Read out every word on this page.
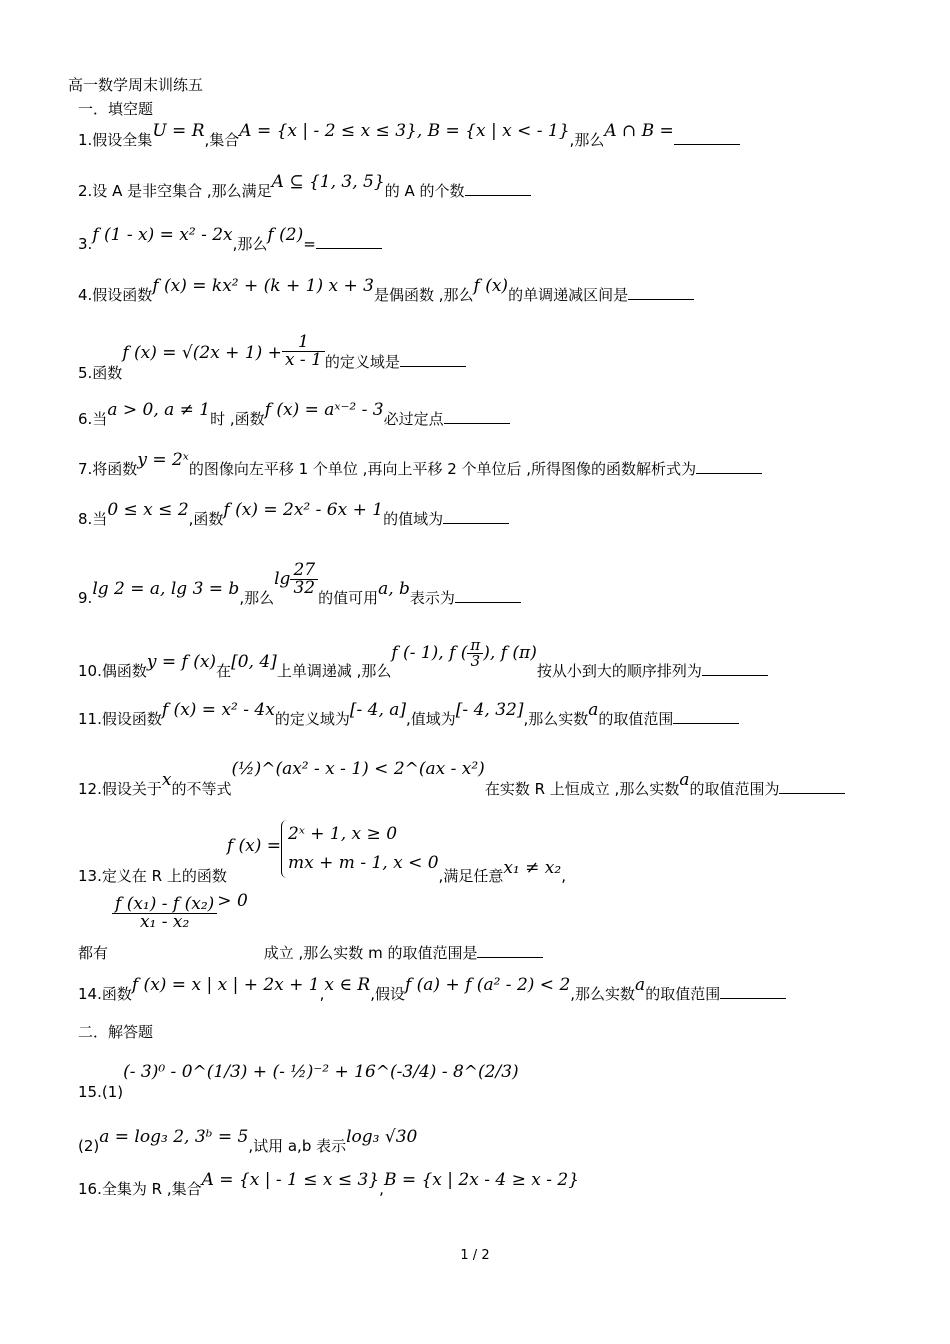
高一数学周末训练五
一．填空题
1.假设全集U = R,集合A = {x | - 2 ≤ x ≤ 3}, B = {x | x < - 1},那么A ∩ B =
2.设 A 是非空集合 ,那么满足A ⊆ {1, 3, 5}的 A 的个数
3.f (1 - x) = x² - 2x,那么f (2)=
4.假设函数f (x) = kx² + (k + 1) x + 3是偶函数 ,那么f (x)的单调递减区间是
5.函数f $(x) = √(2x + 1) + \frac{1}{x - 1}$ 的定义域是
6.当a > 0, a ≠ 1时 ,函数f (x) = aˣ⁻² - 3必过定点
7.将函数y = 2ˣ的图像向左平移 1 个单位 ,再向上平移 2 个单位后 ,所得图像的函数解析式为
8.当0 ≤ x ≤ 2,函数f (x) = 2x² - 6x + 1的值域为
9.lg 2 = a, lg 3 = b,那么$\lg \frac{27}{32}$
的值可用a, b表示为
10.偶函数y = f (x)在[0, 4]上单调递减 ,那么f (- 1), f ( $\frac{\pi}{3}$ ), f (π)按从小到大的顺序排列为
11.假设函数f (x) = x² - 4x的定义域为[- 4, a],值域为[- 4, 32],那么实数a的取值范围
12.假设关于x的不等式(½)^(ax² - x - 1) < 2^(ax - x²)在实数 R 上恒成立 ,那么实数a的取值范围为
13.定义在 R 上的函数f (x) =
2ˣ + 1, x ≥ 0
mx + m - 1, x < 0
,满足任意x₁ ≠ x₂,
都有
$\frac{\text{f (x₁) - f (x₂)}}{\text{x₁ - x₂}} > 0$成立 ,那么实数 m 的取值范围是
14.函数f (x) = x | x | + 2x + 1,x ∈ R,假设f (a) + f (a² - 2) < 2,那么实数a的取值范围
二．解答题
15.(1)(- 3)⁰ - 0^(1/3) + (- ½)⁻² + 16^(-3/4) - 8^(2/3)
(2)a = log₃ 2, 3ᵇ = 5,试用 a,b 表示log₃ √30
16.全集为 R ,集合A = {x | - 1 ≤ x ≤ 3},B = {x | 2x - 4 ≥ x - 2}
1 / 2
